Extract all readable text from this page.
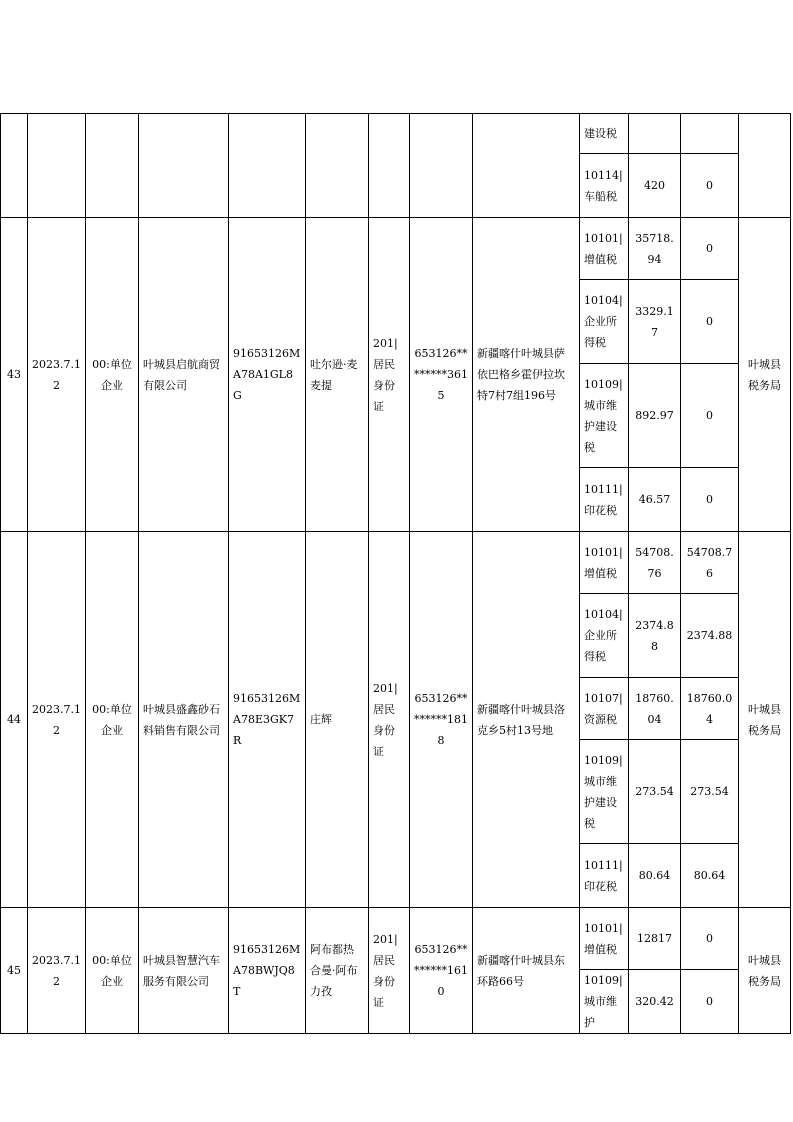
									建设税			
									10114|车船税	420	0	
43	2023.7.12	00:单位企业	叶城县启航商贸有限公司	91653126MA78A1GL8G	吐尔逊·麦麦提	201|居民身份证	653126********3615	新疆喀什叶城县萨依巴格乡霍伊拉坎特7村7组196号	10101|增值税	35718.94	0	叶城县税务局
									10104|企业所得税	3329.17	0	
									10109|城市维护建设税	892.97	0	
									10111|印花税	46.57	0	
44	2023.7.12	00:单位企业	叶城县盛鑫砂石料销售有限公司	91653126MA78E3GK7R	庄辉	201|居民身份证	653126********1818	新疆喀什叶城县洛克乡5村13号地	10101|增值税	54708.76	54708.76	叶城县税务局
									10104|企业所得税	2374.88	2374.88	
									10107|资源税	18760.04	18760.04	
									10109|城市维护建设税	273.54	273.54	
									10111|印花税	80.64	80.64	
45	2023.7.12	00:单位企业	叶城县智慧汽车服务有限公司	91653126MA78BWJQ8T	阿布都热合曼·阿布力孜	201|居民身份证	653126********1610	新疆喀什叶城县东环路66号	10101|增值税	12817	0	叶城县税务局
									10109|城市维护	320.42	0	
